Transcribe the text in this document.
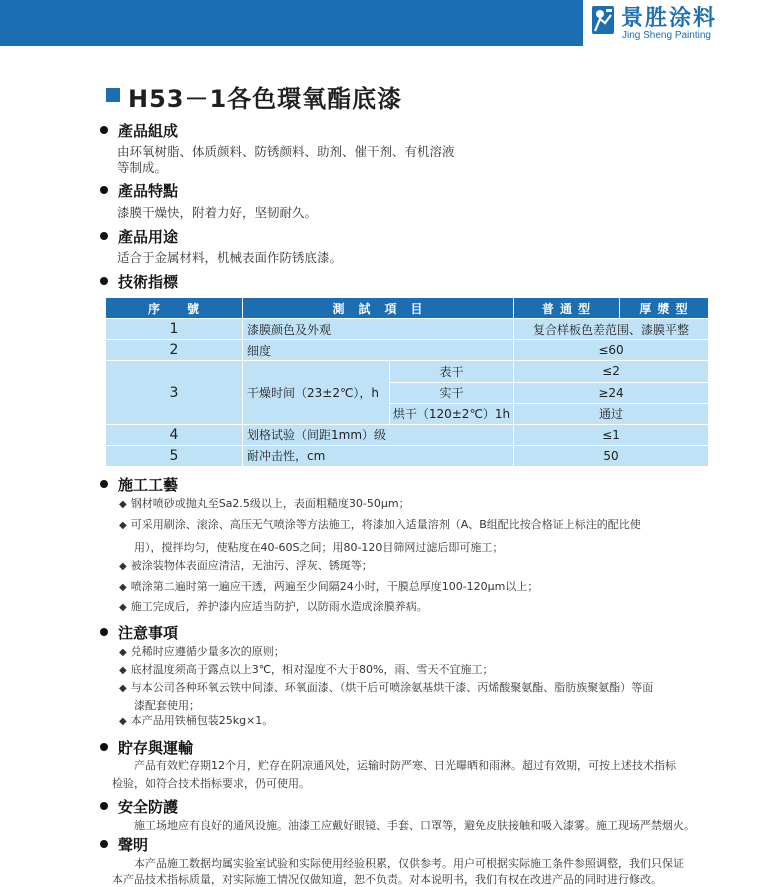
景胜涂料
Jing Sheng Painting
H53－1各色環氧酯底漆
產品組成
由环氧树脂、体质颜料、防锈颜料、助剂、催干剂、有机溶液
等制成。
產品特點
漆膜干燥快，附着力好，坚韧耐久。
產品用途
适合于金属材料，机械表面作防锈底漆。
技術指標
序　　號	測　試　項　目		普 通 型	厚 漿 型
1	漆膜颜色及外观		复合样板色差范围、漆膜平整	
2	细度		≤60	
3	干燥时间（23±2℃），h	表干	≤2	
		实干	≥24	
		烘干（120±2℃）1h	通过	
4	划格试验（间距1mm）级		≤1	
5	耐冲击性，cm		50	
施工工藝
◆ 钢材喷砂或抛丸至Sa2.5级以上，表面粗糙度30-50μm；
◆ 可采用刷涂、滚涂、高压无气喷涂等方法施工，将漆加入适量溶剂（A、B组配比按合格证上标注的配比使
用），搅拌均匀，使粘度在40-60S之间；用80-120目筛网过滤后即可施工；
◆ 被涂装物体表面应清洁，无油污、浮灰、锈斑等；
◆ 喷涂第二遍时第一遍应干透，两遍至少间隔24小时，干膜总厚度100-120μm以上；
◆ 施工完成后，养护漆内应适当防护，以防雨水造成涂膜养病。
注意事項
◆ 兑稀时应遵循少量多次的原则；
◆ 底材温度须高于露点以上3℃，相对湿度不大于80%，雨、雪天不宜施工；
◆ 与本公司各种环氧云铁中间漆、环氧面漆、（烘干后可喷涂氨基烘干漆、丙烯酸聚氨酯、脂肪族聚氨酯）等面
漆配套使用；
◆ 本产品用铁桶包装25kg×1。
貯存與運輸
产品有效贮存期12个月，贮存在阴凉通风处，运输时防严寒、日光曝晒和雨淋。超过有效期，可按上述技术指标
检验，如符合技术指标要求，仍可使用。
安全防護
施工场地应有良好的通风设施。油漆工应戴好眼镜、手套、口罩等，避免皮肤接触和吸入漆雾。施工现场严禁烟火。
聲明
本产品施工数据均属实验室试验和实际使用经验积累，仅供参考。用户可根据实际施工条件参照调整，我们只保证
本产品技术指标质量，对实际施工情况仅做知道，恕不负责。对本说明书，我们有权在改进产品的同时进行修改。
